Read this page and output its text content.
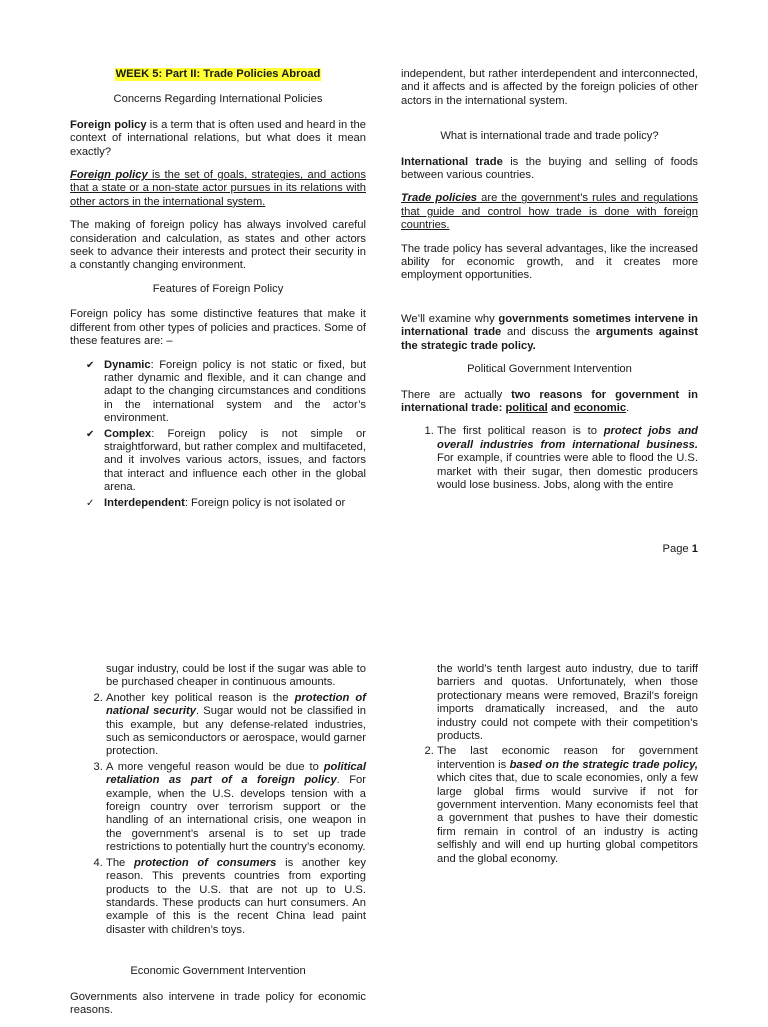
WEEK 5: Part II: Trade Policies Abroad
Concerns Regarding International Policies

Foreign policy is a term that is often used and heard in the context of international relations, but what does it mean exactly?

Foreign policy is the set of goals, strategies, and actions that a state or a non-state actor pursues in its relations with other actors in the international system.

The making of foreign policy has always involved careful consideration and calculation, as states and other actors seek to advance their interests and protect their security in a constantly changing environment.

Features of Foreign Policy

Foreign policy has some distinctive features that make it different from other types of policies and practices. Some of these features are: –

✔ Dynamic: Foreign policy is not static or fixed, but rather dynamic and flexible, and it can change and adapt to the changing circumstances and conditions in the international system and the actor’s environment.
✔ Complex: Foreign policy is not simple or straightforward, but rather complex and multifaceted, and it involves various actors, issues, and factors that interact and influence each other in the global arena.
✓ Interdependent: Foreign policy is not isolated or

independent, but rather interdependent and interconnected, and it affects and is affected by the foreign policies of other actors in the international system.

What is international trade and trade policy?

International trade is the buying and selling of foods between various countries.

Trade policies are the government’s rules and regulations that guide and control how trade is done with foreign countries.

The trade policy has several advantages, like the increased ability for economic growth, and it creates more employment opportunities.

We’ll examine why governments sometimes intervene in international trade and discuss the arguments against the strategic trade policy.

Political Government Intervention

There are actually two reasons for government in international trade: political and economic.

1. The first political reason is to protect jobs and overall industries from international business. For example, if countries were able to flood the U.S. market with their sugar, then domestic producers would lose business. Jobs, along with the entire
Page 1

sugar industry, could be lost if the sugar was able to be purchased cheaper in continuous amounts.

2. Another key political reason is the protection of national security. Sugar would not be classified in this example, but any defense-related industries, such as semiconductors or aerospace, would garner protection.
3. A more vengeful reason would be due to political retaliation as part of a foreign policy. For example, when the U.S. develops tension with a foreign country over terrorism support or the handling of an international crisis, one weapon in the government’s arsenal is to set up trade restrictions to potentially hurt the country’s economy.
4. The protection of consumers is another key reason. This prevents countries from exporting products to the U.S. that are not up to U.S. standards. These products can hurt consumers. An example of this is the recent China lead paint disaster with children’s toys.
Economic Government Intervention

Governments also intervene in trade policy for economic reasons.

the world’s tenth largest auto industry, due to tariff barriers and quotas. Unfortunately, when those protectionary means were removed, Brazil’s foreign imports dramatically increased, and the auto industry could not compete with their competition’s products.

2. The last economic reason for government intervention is based on the strategic trade policy, which cites that, due to scale economies, only a few large global firms would survive if not for government intervention. Many economists feel that a government that pushes to have their domestic firm remain in control of an industry is acting selfishly and will end up hurting global competitors and the global economy.
